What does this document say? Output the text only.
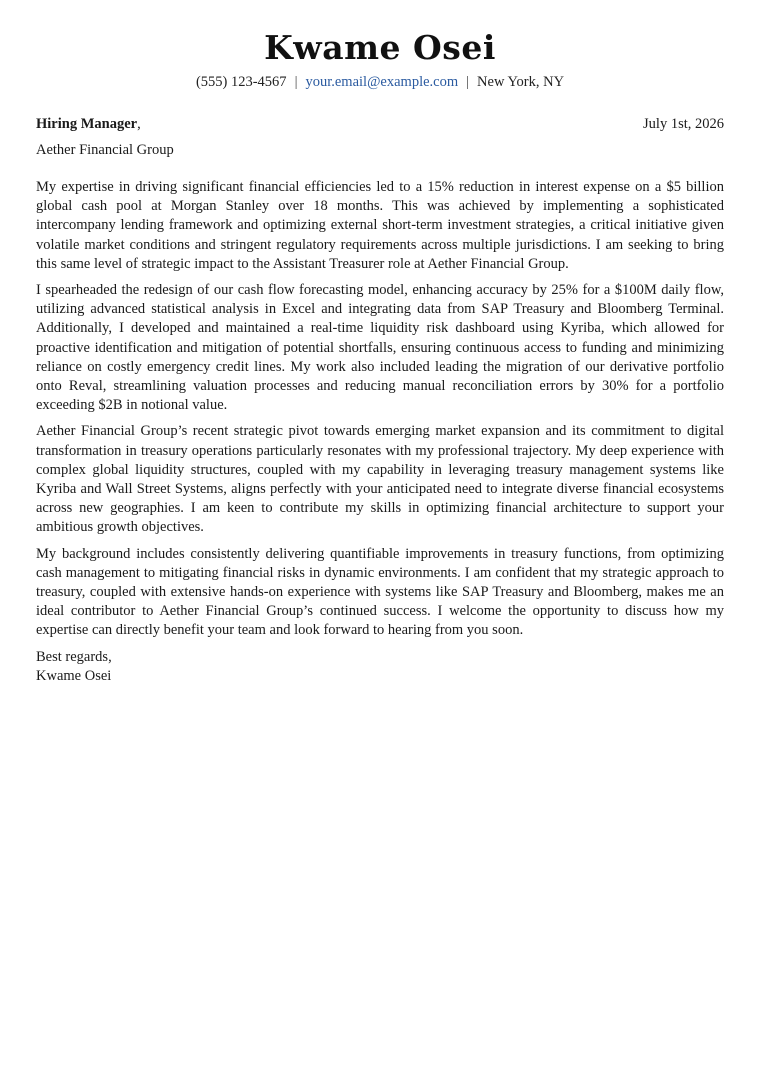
Kwame Osei
(555) 123-4567 | your.email@example.com | New York, NY
Hiring Manager,	July 1st, 2026
Aether Financial Group

My expertise in driving significant financial efficiencies led to a 15% reduction in interest expense on a $5 billion global cash pool at Morgan Stanley over 18 months. This was achieved by implementing a sophisticated intercompany lending framework and optimizing external short-term investment strategies, a critical initiative given volatile market conditions and stringent regulatory requirements across multiple jurisdictions. I am seeking to bring this same level of strategic impact to the Assistant Treasurer role at Aether Financial Group.

I spearheaded the redesign of our cash flow forecasting model, enhancing accuracy by 25% for a $100M daily flow, utilizing advanced statistical analysis in Excel and integrating data from SAP Treasury and Bloomberg Terminal. Additionally, I developed and maintained a real-time liquidity risk dashboard using Kyriba, which allowed for proactive identification and mitigation of potential shortfalls, ensuring continuous access to funding and minimizing reliance on costly emergency credit lines. My work also included leading the migration of our derivative portfolio onto Reval, streamlining valuation processes and reducing manual reconciliation errors by 30% for a portfolio exceeding $2B in notional value.

Aether Financial Group’s recent strategic pivot towards emerging market expansion and its commitment to digital transformation in treasury operations particularly resonates with my professional trajectory. My deep experience with complex global liquidity structures, coupled with my capability in leveraging treasury management systems like Kyriba and Wall Street Systems, aligns perfectly with your anticipated need to integrate diverse financial ecosystems across new geographies. I am keen to contribute my skills in optimizing financial architecture to support your ambitious growth objectives.

My background includes consistently delivering quantifiable improvements in treasury functions, from optimizing cash management to mitigating financial risks in dynamic environments. I am confident that my strategic approach to treasury, coupled with extensive hands-on experience with systems like SAP Treasury and Bloomberg, makes me an ideal contributor to Aether Financial Group’s continued success. I welcome the opportunity to discuss how my expertise can directly benefit your team and look forward to hearing from you soon.

Best regards,
Kwame Osei
